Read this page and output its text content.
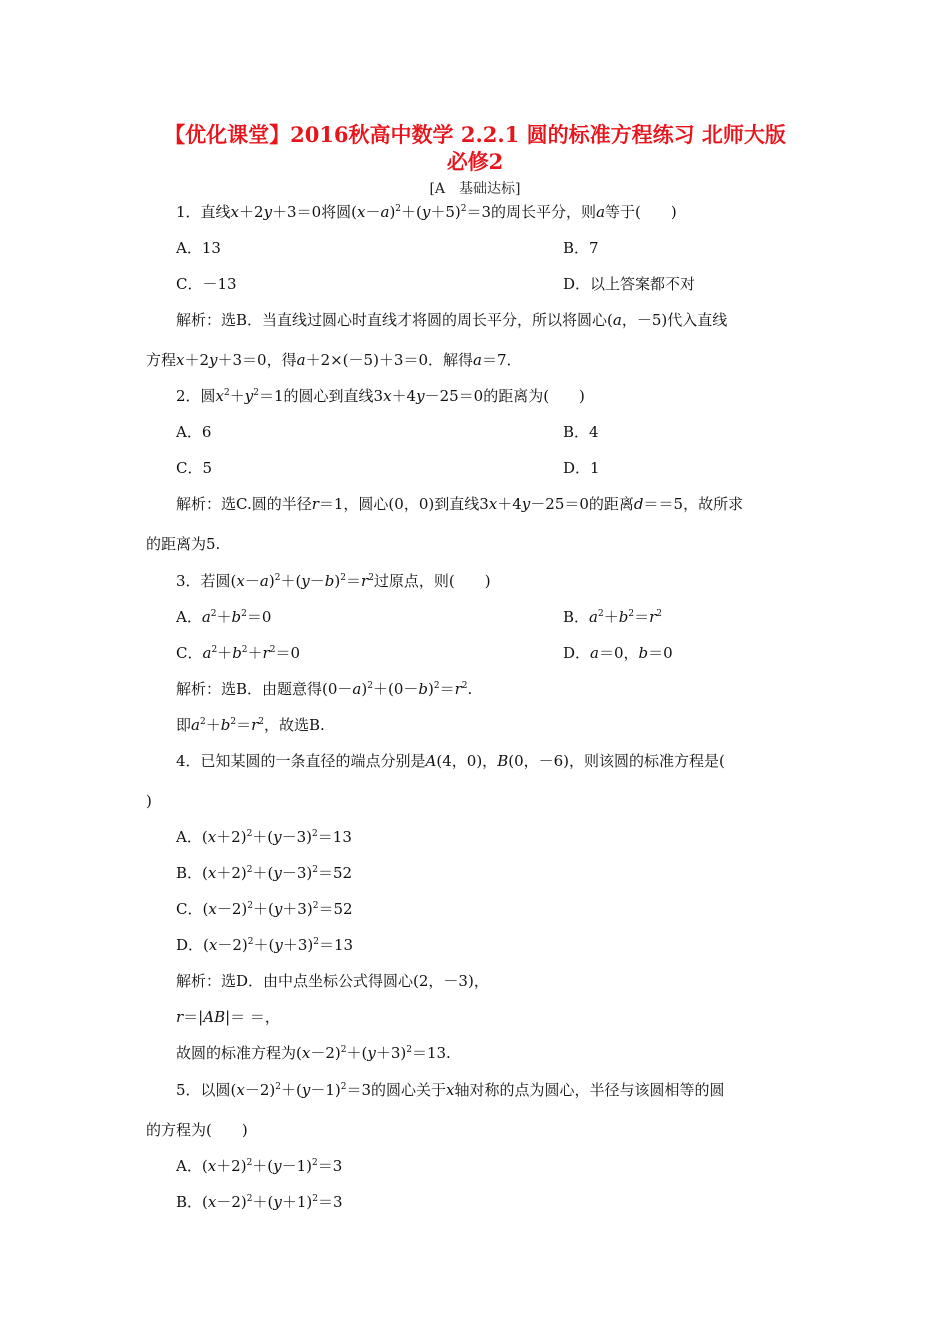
【优化课堂】2016秋高中数学 2.2.1 圆的标准方程练习 北师大版
必修2
[A　基础达标]
1．直线x＋2y＋3＝0将圆$(x-a)^2+(y+5)^2=3$的周长平分，则a等于(　　)
A．13	B．7
C．－13	D．以上答案都不对
解析：选B．当直线过圆心时直线才将圆的周长平分，所以将圆心(a，－5)代入直线
方程x＋2y＋3＝0，得a＋2×(－5)＋3＝0．解得a＝7．
2．圆$x^2+y^2=1$的圆心到直线3x＋4y－25＝0的距离为(　　)
A．6	B．4
C．5	D．1
解析：选C.圆的半径r＝1，圆心(0，0)到直线3x＋4y－25＝0的距离d＝＝5，故所求
的距离为5.
3．若圆$(x-a)^2+(y-b)^2=r^2$过原点，则(　　)
A．$a^2+b^2=0$	B．$a^2+b^2=r^2$
C．$a^2+b^2+r^2=0$	D．a＝0，b＝0
解析：选B．由题意得$(0-a)^2+(0-b)^2=r^2$.
即$a^2+b^2=r^2$，故选B.
4．已知某圆的一条直径的端点分别是A(4，0)，B(0，－6)，则该圆的标准方程是(
)
A．$(x+2)^2+(y-3)^2=13$
B．$(x+2)^2+(y-3)^2=52$
C．$(x-2)^2+(y+3)^2=52$
D．$(x-2)^2+(y+3)^2=13$
解析：选D．由中点坐标公式得圆心(2，－3)，
r＝|AB|＝ ＝，
故圆的标准方程为$(x-2)^2+(y+3)^2=13$.
5．以圆$(x-2)^2+(y-1)^2=3$的圆心关于x轴对称的点为圆心，半径与该圆相等的圆
的方程为(　　)
A．$(x+2)^2+(y-1)^2=3$
B．$(x-2)^2+(y+1)^2=3$
